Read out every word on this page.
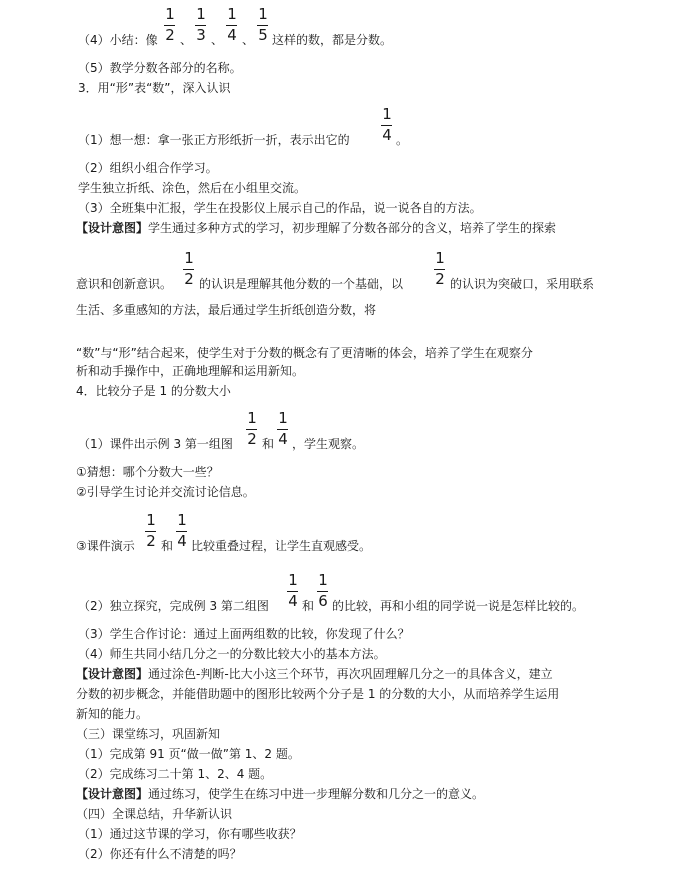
（4）小结：像
1
2 、
1
3 、
1
4 、
1
5 这样的数，都是分数。
（5）教学分数各部分的名称。
3．用“形”表“数”，深入认识
（1）想一想：拿一张正方形纸折一折，表示出它的
1
4 。
（2）组织小组合作学习。
学生独立折纸、涂色，然后在小组里交流。
（3）全班集中汇报，学生在投影仪上展示自己的作品，说一说各自的方法。
【设计意图】 学生通过多种方式的学习，初步理解了分数各部分的含义，培养了学生的探索
意识和创新意识。
1
2 的认识是理解其他分数的一个基础，以
1
2 的认识为突破口，采用联系
生活、多重感知的方法，最后通过学生折纸创造分数，将
“数”与“形”结合起来，使学生对于分数的概念有了更清晰的体会，培养了学生在观察分
析和动手操作中，正确地理解和运用新知。
4．比较分子是 1 的分数大小
（1）课件出示例 3 第一组图
1
2 和
1
4 ，学生观察。
①猜想：哪个分数大一些？
②引导学生讨论并交流讨论信息。
③课件演示
1
2 和
1
4 比较重叠过程，让学生直观感受。
（2）独立探究，完成例 3 第二组图
1
4 和
1
6 的比较，再和小组的同学说一说是怎样比较的。
（3）学生合作讨论：通过上面两组数的比较，你发现了什么？
（4）师生共同小结几分之一的分数比较大小的基本方法。
【设计意图】 通过涂色-判断-比大小这三个环节，再次巩固理解几分之一的具体含义，建立
分数的初步概念，并能借助题中的图形比较两个分子是 1 的分数的大小，从而培养学生运用
新知的能力。
（三）课堂练习，巩固新知
（1）完成第 91 页“做一做”第 1、2 题。
（2）完成练习二十第 1、2、4 题。
【设计意图】 通过练习，使学生在练习中进一步理解分数和几分之一的意义。
（四）全课总结，升华新认识
（1）通过这节课的学习，你有哪些收获？
（2）你还有什么不清楚的吗？
